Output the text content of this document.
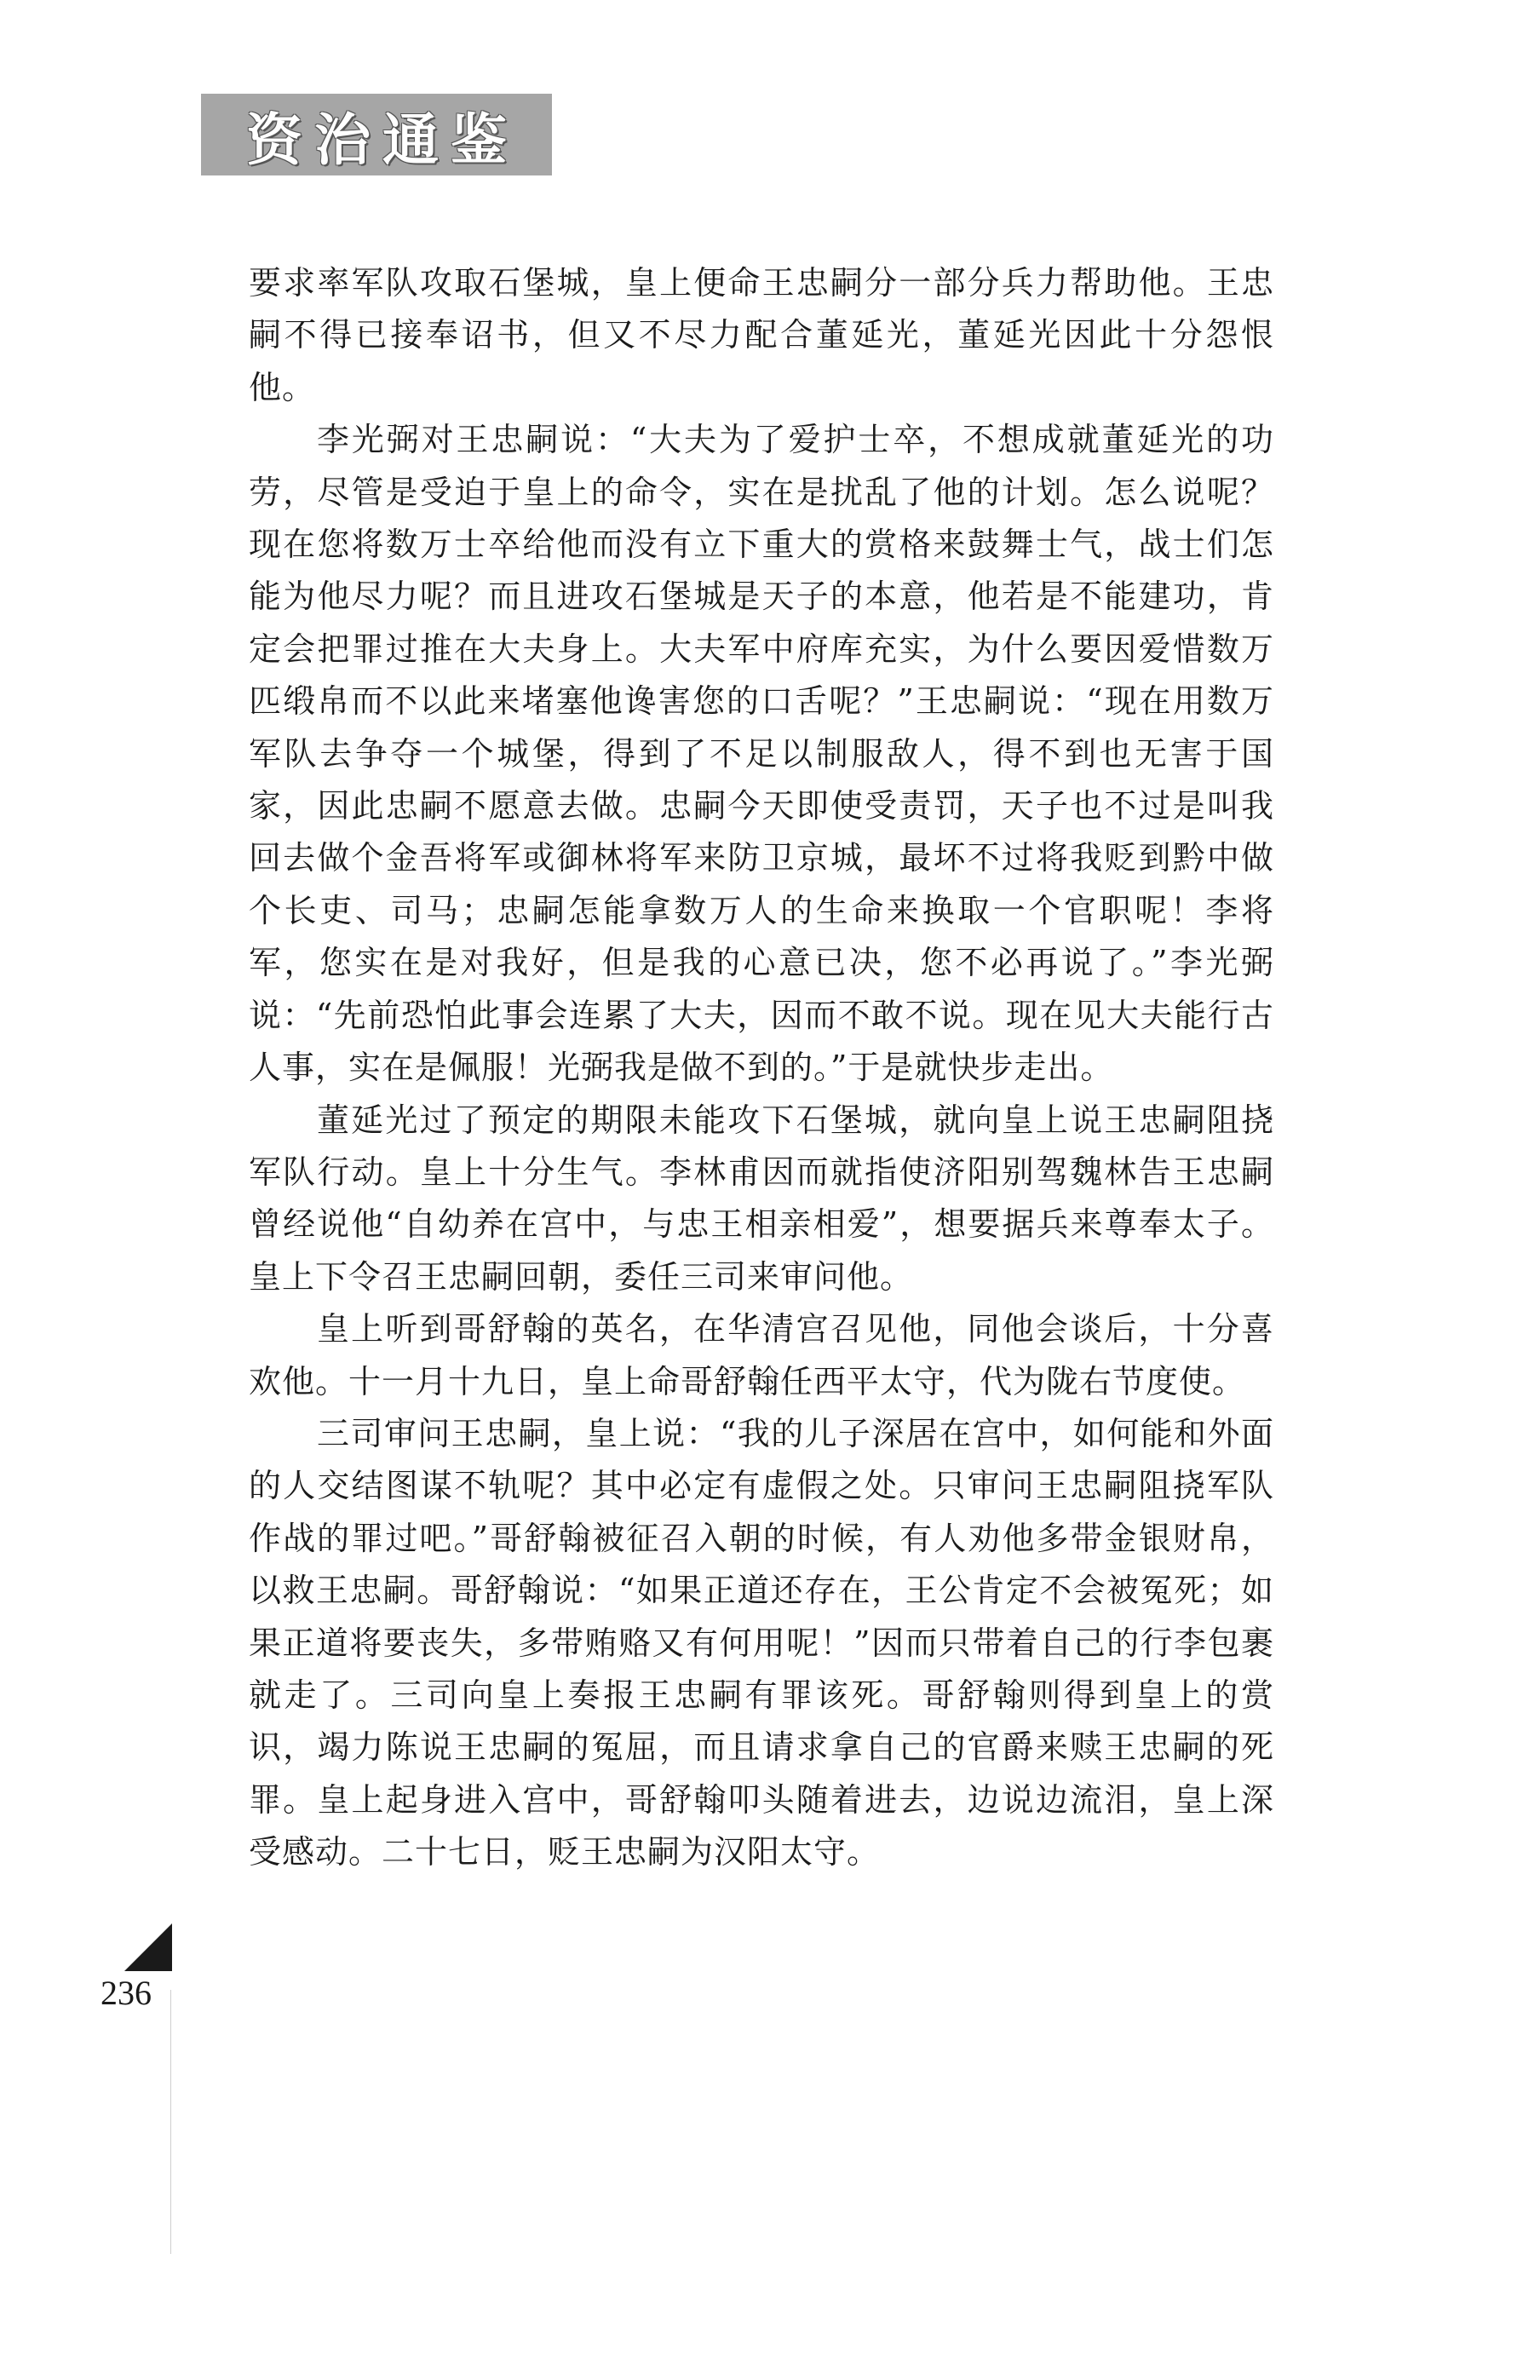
资治通鉴

要求率军队攻取石堡城，皇上便命王忠嗣分一部分兵力帮助他。王忠嗣不得已接奉诏书，但又不尽力配合董延光，董延光因此十分怨恨他。

李光弼对王忠嗣说：“大夫为了爱护士卒，不想成就董延光的功劳，尽管是受迫于皇上的命令，实在是扰乱了他的计划。怎么说呢？现在您将数万士卒给他而没有立下重大的赏格来鼓舞士气，战士们怎能为他尽力呢？而且进攻石堡城是天子的本意，他若是不能建功，肯定会把罪过推在大夫身上。大夫军中府库充实，为什么要因爱惜数万匹缎帛而不以此来堵塞他谗害您的口舌呢？”王忠嗣说：“现在用数万军队去争夺一个城堡，得到了不足以制服敌人，得不到也无害于国家，因此忠嗣不愿意去做。忠嗣今天即使受责罚，天子也不过是叫我回去做个金吾将军或御林将军来防卫京城，最坏不过将我贬到黔中做个长吏、司马；忠嗣怎能拿数万人的生命来换取一个官职呢！李将军，您实在是对我好，但是我的心意已决，您不必再说了。”李光弼说：“先前恐怕此事会连累了大夫，因而不敢不说。现在见大夫能行古人事，实在是佩服！光弼我是做不到的。”于是就快步走出。

董延光过了预定的期限未能攻下石堡城，就向皇上说王忠嗣阻挠军队行动。皇上十分生气。李林甫因而就指使济阳别驾魏林告王忠嗣曾经说他“自幼养在宫中，与忠王相亲相爱”，想要据兵来尊奉太子。皇上下令召王忠嗣回朝，委任三司来审问他。

皇上听到哥舒翰的英名，在华清宫召见他，同他会谈后，十分喜欢他。十一月十九日，皇上命哥舒翰任西平太守，代为陇右节度使。

三司审问王忠嗣，皇上说：“我的儿子深居在宫中，如何能和外面的人交结图谋不轨呢？其中必定有虚假之处。只审问王忠嗣阻挠军队作战的罪过吧。”哥舒翰被征召入朝的时候，有人劝他多带金银财帛，以救王忠嗣。哥舒翰说：“如果正道还存在，王公肯定不会被冤死；如果正道将要丧失，多带贿赂又有何用呢！”因而只带着自己的行李包裹就走了。三司向皇上奏报王忠嗣有罪该死。哥舒翰则得到皇上的赏识，竭力陈说王忠嗣的冤屈，而且请求拿自己的官爵来赎王忠嗣的死罪。皇上起身进入宫中，哥舒翰叩头随着进去，边说边流泪，皇上深受感动。二十七日，贬王忠嗣为汉阳太守。

236
